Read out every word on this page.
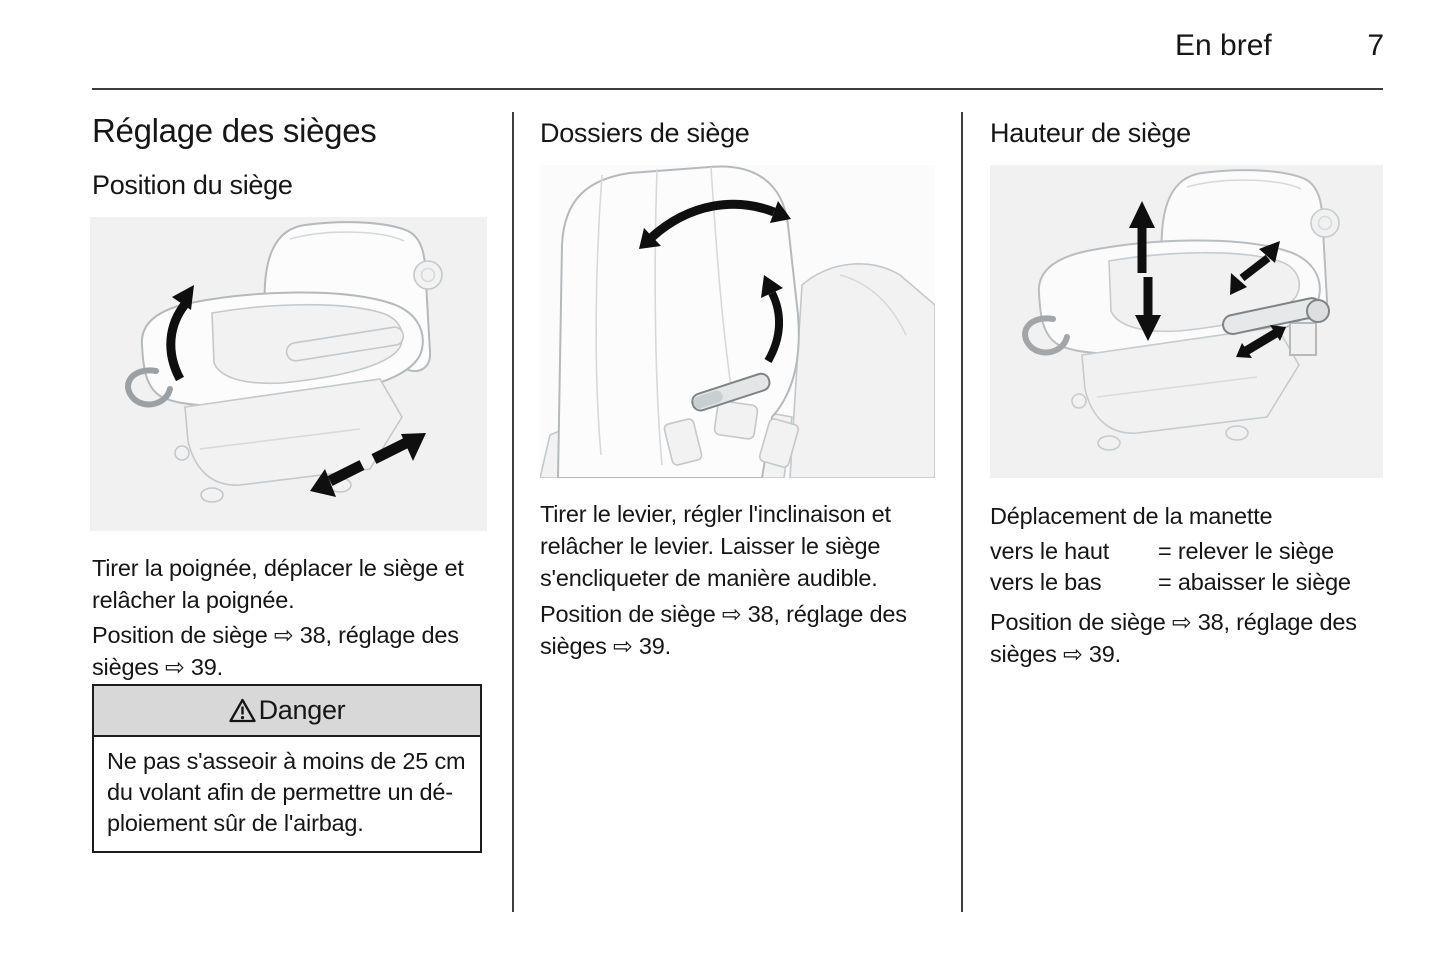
En bref	7
Réglage des sièges
Position du siège
Tirer la poignée, déplacer le siège et
relâcher la poignée.
Position de siège ⇨ 38, réglage des
sièges ⇨ 39.
Danger
Ne pas s'asseoir à moins de 25 cm
du volant afin de permettre un dé-
ploiement sûr de l'airbag.
Dossiers de siège
Tirer le levier, régler l'inclinaison et
relâcher le levier. Laisser le siège
s'encliqueter de manière audible.
Position de siège ⇨ 38, réglage des
sièges ⇨ 39.
Hauteur de siège
Déplacement de la manette
vers le haut	= relever le siège
vers le bas	= abaisser le siège
Position de siège ⇨ 38, réglage des
sièges ⇨ 39.
